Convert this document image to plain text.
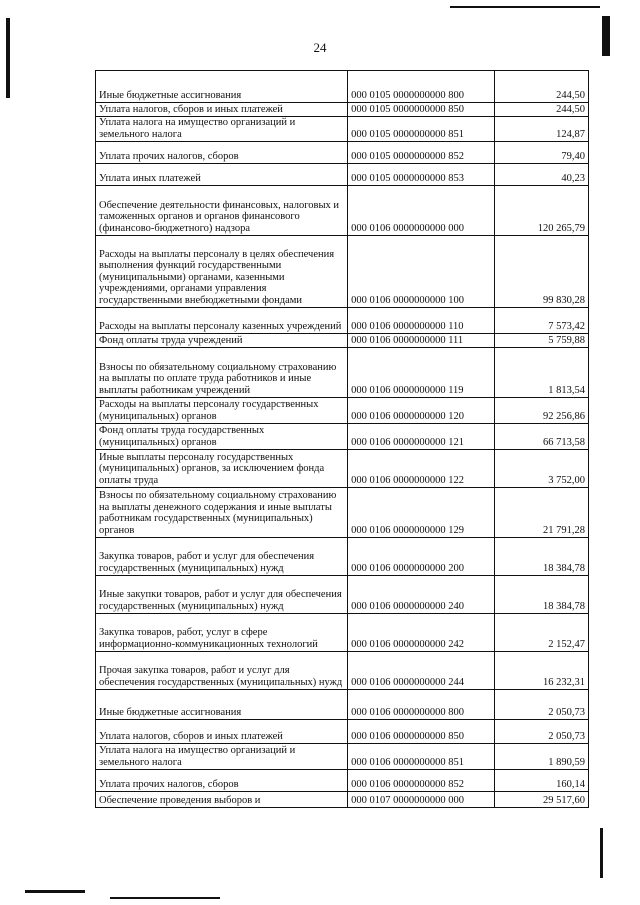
24
Иные бюджетные ассигнования	000 0105 0000000000 800	244,50
Уплата налогов, сборов и иных платежей	000 0105 0000000000 850	244,50
Уплата налога на имущество организаций и земельного налога	000 0105 0000000000 851	124,87
Уплата прочих налогов, сборов	000 0105 0000000000 852	79,40
Уплата иных платежей	000 0105 0000000000 853	40,23
Обеспечение деятельности финансовых, налоговых и таможенных органов и органов финансового (финансово-бюджетного) надзора	000 0106 0000000000 000	120 265,79
Расходы на выплаты персоналу в целях обеспечения выполнения функций государственными (муниципальными) органами, казенными учреждениями, органами управления государственными внебюджетными фондами	000 0106 0000000000 100	99 830,28
Расходы на выплаты персоналу казенных учреждений	000 0106 0000000000 110	7 573,42
Фонд оплаты труда учреждений	000 0106 0000000000 111	5 759,88
Взносы по обязательному социальному страхованию на выплаты по оплате труда работников и иные выплаты работникам учреждений	000 0106 0000000000 119	1 813,54
Расходы на выплаты персоналу государственных (муниципальных) органов	000 0106 0000000000 120	92 256,86
Фонд оплаты труда государственных (муниципальных) органов	000 0106 0000000000 121	66 713,58
Иные выплаты персоналу государственных (муниципальных) органов, за исключением фонда оплаты труда	000 0106 0000000000 122	3 752,00
Взносы по обязательному социальному страхованию на выплаты денежного содержания и иные выплаты работникам государственных (муниципальных) органов	000 0106 0000000000 129	21 791,28
Закупка товаров, работ и услуг для обеспечения государственных (муниципальных) нужд	000 0106 0000000000 200	18 384,78
Иные закупки товаров, работ и услуг для обеспечения государственных (муниципальных) нужд	000 0106 0000000000 240	18 384,78
Закупка товаров, работ, услуг в сфере информационно-коммуникационных технологий	000 0106 0000000000 242	2 152,47
Прочая закупка товаров, работ и услуг для обеспечения государственных (муниципальных) нужд	000 0106 0000000000 244	16 232,31
Иные бюджетные ассигнования	000 0106 0000000000 800	2 050,73
Уплата налогов, сборов и иных платежей	000 0106 0000000000 850	2 050,73
Уплата налога на имущество организаций и земельного налога	000 0106 0000000000 851	1 890,59
Уплата прочих налогов, сборов	000 0106 0000000000 852	160,14
Обеспечение проведения выборов и	000 0107 0000000000 000	29 517,60
